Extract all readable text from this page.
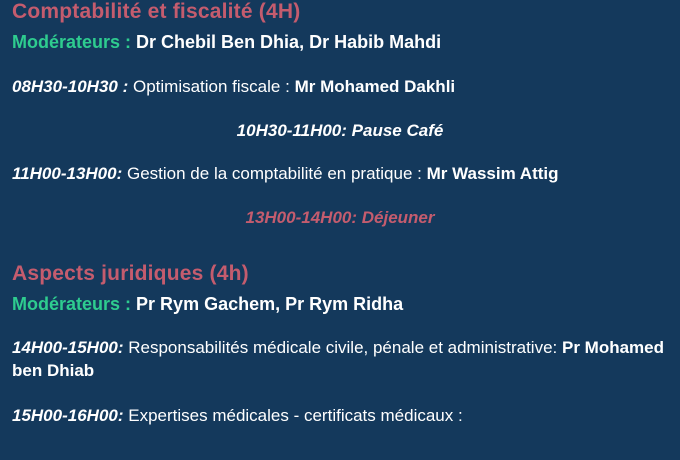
Comptabilité et fiscalité (4H)
Modérateurs : Dr Chebil Ben Dhia, Dr Habib Mahdi
08H30-10H30 : Optimisation fiscale : Mr Mohamed Dakhli
10H30-11H00: Pause Café
11H00-13H00: Gestion de la comptabilité en pratique : Mr Wassim Attig
13H00-14H00: Déjeuner
Aspects juridiques (4h)
Modérateurs : Pr Rym Gachem, Pr Rym Ridha
14H00-15H00: Responsabilités médicale civile, pénale et administrative: Pr Mohamed ben Dhiab
15H00-16H00: Expertises médicales - certificats médicaux :
